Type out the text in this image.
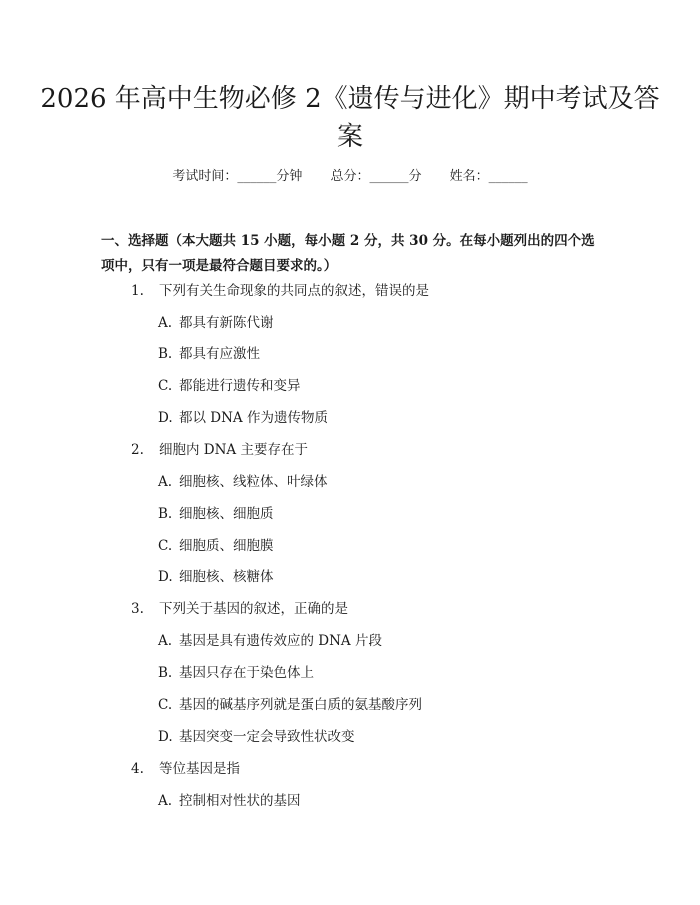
2026 年高中生物必修 2《遗传与进化》期中考试及答案
考试时间：______分钟 总分：______分 姓名：______

一、选择题（本大题共 15 小题，每小题 2 分，共 30 分。在每小题列出的四个选项中，只有一项是最符合题目要求的。）

1. 下列有关生命现象的共同点的叙述，错误的是
A. 都具有新陈代谢
B. 都具有应激性
C. 都能进行遗传和变异
D. 都以 DNA 作为遗传物质
2. 细胞内 DNA 主要存在于
A. 细胞核、线粒体、叶绿体
B. 细胞核、细胞质
C. 细胞质、细胞膜
D. 细胞核、核糖体
3. 下列关于基因的叙述，正确的是
A. 基因是具有遗传效应的 DNA 片段
B. 基因只存在于染色体上
C. 基因的碱基序列就是蛋白质的氨基酸序列
D. 基因突变一定会导致性状改变
4. 等位基因是指
A. 控制相对性状的基因
